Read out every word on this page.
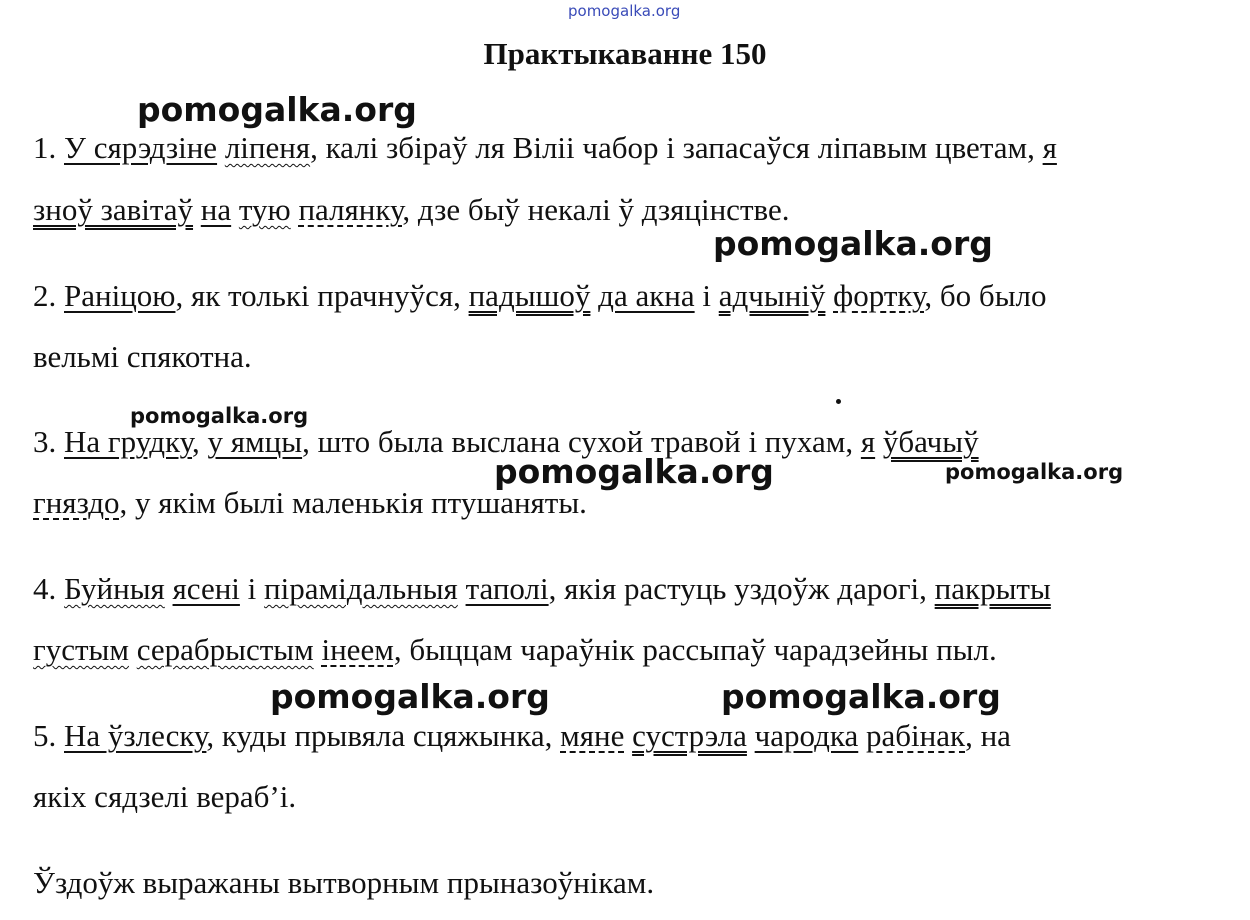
pomogalka.org
pomogalka.org
pomogalka.org
pomogalka.org
pomogalka.org	pomogalka.org
pomogalka.org	pomogalka.org
Практыкаванне 150
1. У сярэдзіне ліпеня, калі збіраў ля Віліі чабор і запасаўся ліпавым цветам, я
зноў завітаў на тую палянку, дзе быў некалі ў дзяцінстве.
2. Раніцою, як толькі прачнуўся, падышоў да акна і адчыніў фортку, бо было
вельмі спякотна.
3. На грудку, у ямцы, што была выслана сухой травой і пухам, я ўбачыў
гняздо, у якім былі маленькія птушаняты.
4. Буйныя ясені і пірамідальныя таполі, якія растуць уздоўж дарогі, пакрыты
густым серабрыстым інеем, быццам чараўнік рассыпаў чарадзейны пыл.
5. На ўзлеску, куды прывяла сцяжынка, мяне сустрэла чародка рабінак, на
якіх сядзелі вераб’і.
Ўздоўж выражаны вытворным прыназоўнікам.
